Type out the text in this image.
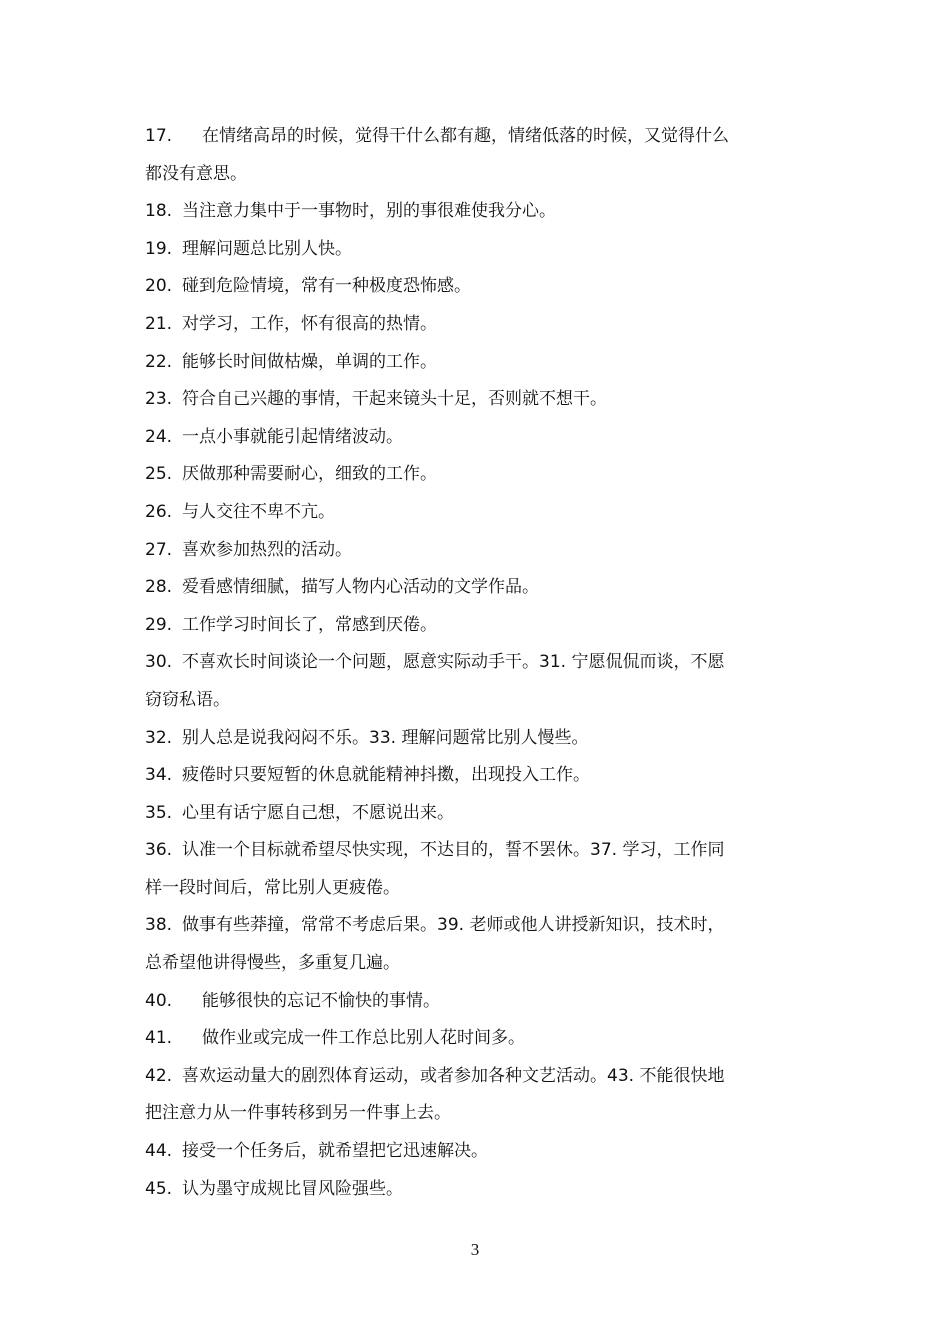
17. 在情绪高昂的时候，觉得干什么都有趣，情绪低落的时候，又觉得什么
都没有意思。
18. 当注意力集中于一事物时，别的事很难使我分心。
19. 理解问题总比别人快。
20. 碰到危险情境，常有一种极度恐怖感。
21. 对学习，工作，怀有很高的热情。
22. 能够长时间做枯燥，单调的工作。
23. 符合自己兴趣的事情，干起来镜头十足，否则就不想干。
24. 一点小事就能引起情绪波动。
25. 厌做那种需要耐心，细致的工作。
26. 与人交往不卑不亢。
27. 喜欢参加热烈的活动。
28. 爱看感情细腻，描写人物内心活动的文学作品。
29. 工作学习时间长了，常感到厌倦。
30. 不喜欢长时间谈论一个问题，愿意实际动手干。31. 宁愿侃侃而谈，不愿
窃窃私语。
32. 别人总是说我闷闷不乐。33. 理解问题常比别人慢些。
34. 疲倦时只要短暂的休息就能精神抖擞，出现投入工作。
35. 心里有话宁愿自己想，不愿说出来。
36. 认准一个目标就希望尽快实现，不达目的，誓不罢休。37. 学习，工作同
样一段时间后，常比别人更疲倦。
38. 做事有些莽撞，常常不考虑后果。39. 老师或他人讲授新知识，技术时，
总希望他讲得慢些，多重复几遍。
40. 能够很快的忘记不愉快的事情。
41. 做作业或完成一件工作总比别人花时间多。
42. 喜欢运动量大的剧烈体育运动，或者参加各种文艺活动。43. 不能很快地
把注意力从一件事转移到另一件事上去。
44. 接受一个任务后，就希望把它迅速解决。
45. 认为墨守成规比冒风险强些。
3
